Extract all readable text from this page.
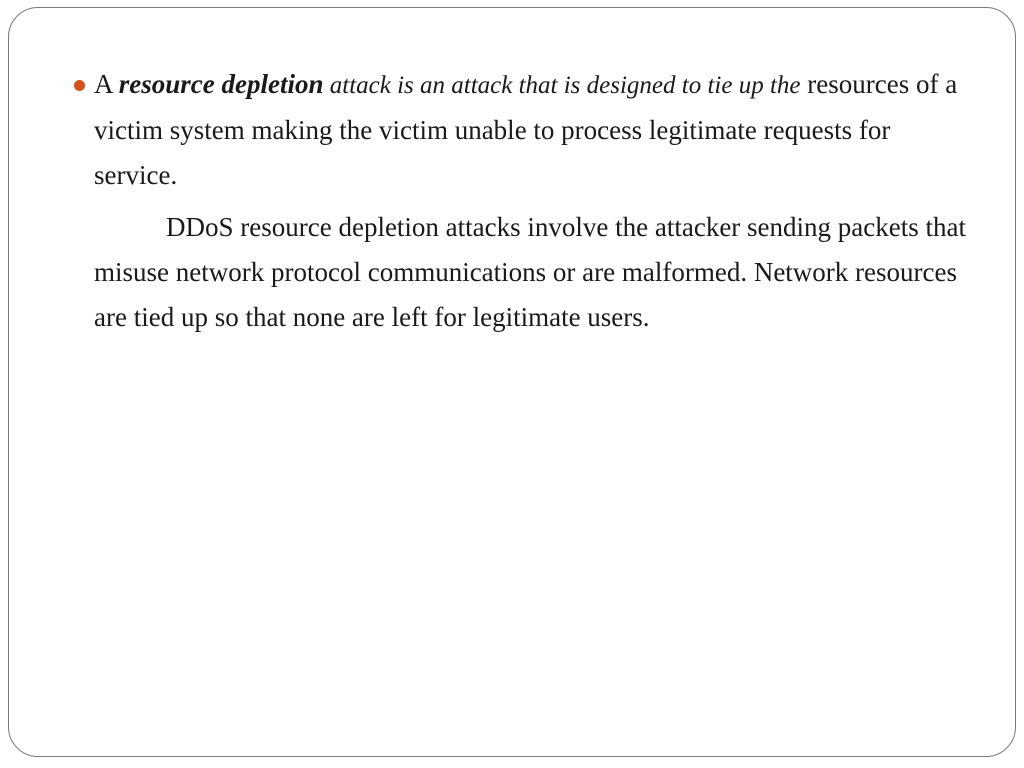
A resource depletion attack is an attack that is designed to tie up the resources of a victim system making the victim unable to process legitimate requests for service.

DDoS resource depletion attacks involve the attacker sending packets that misuse network protocol communications or are malformed. Network resources are tied up so that none are left for legitimate users.
